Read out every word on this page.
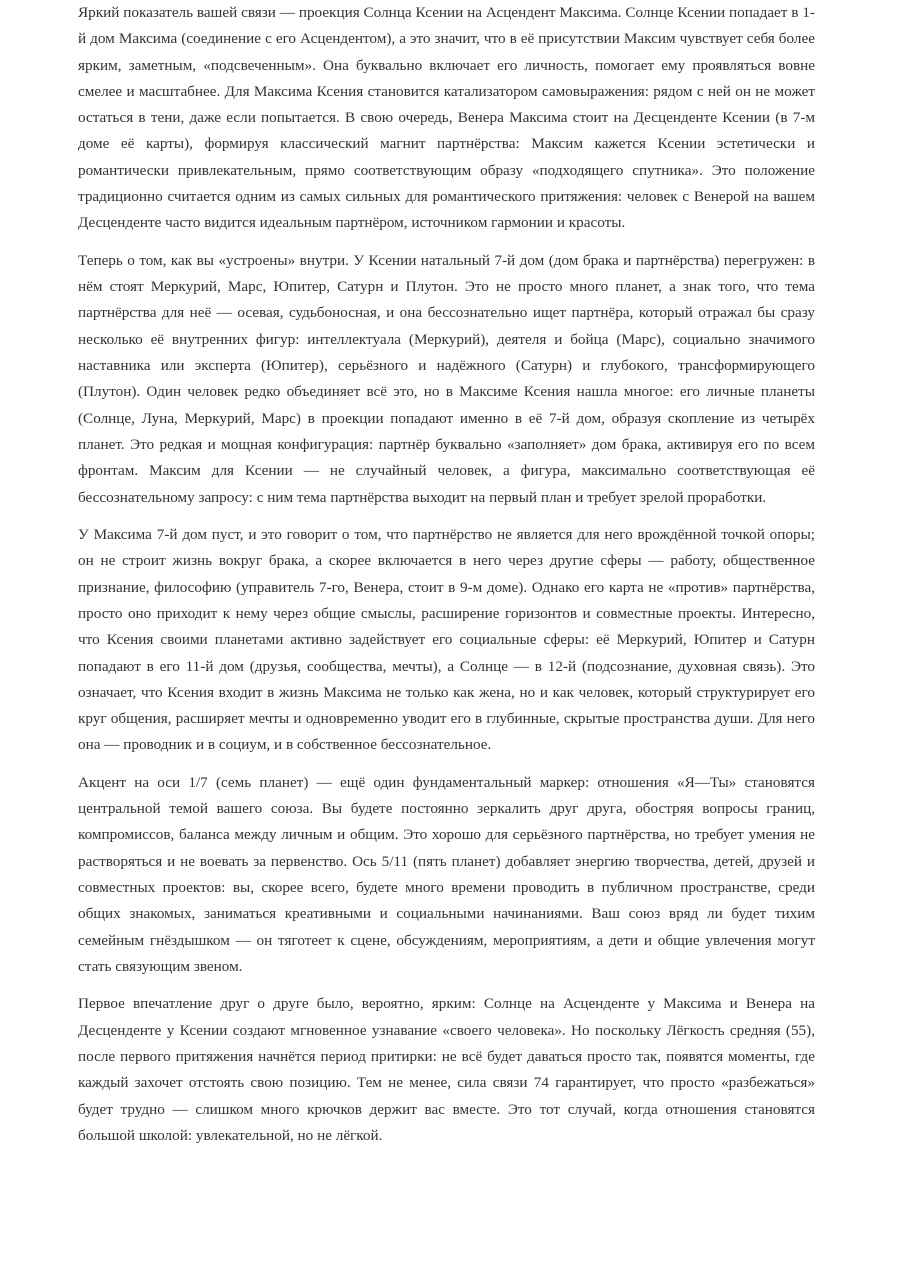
Яркий показатель вашей связи — проекция Солнца Ксении на Асцендент Максима. Солнце Ксении попадает в 1-й дом Максима (соединение с его Асцендентом), а это значит, что в её присутствии Максим чувствует себя более ярким, заметным, «подсвеченным». Она буквально включает его личность, помогает ему проявляться вовне смелее и масштабнее. Для Максима Ксения становится катализатором самовыражения: рядом с ней он не может остаться в тени, даже если попытается. В свою очередь, Венера Максима стоит на Десценденте Ксении (в 7-м доме её карты), формируя классический магнит партнёрства: Максим кажется Ксении эстетически и романтически привлекательным, прямо соответствующим образу «подходящего спутника». Это положение традиционно считается одним из самых сильных для романтического притяжения: человек с Венерой на вашем Десценденте часто видится идеальным партнёром, источником гармонии и красоты.

Теперь о том, как вы «устроены» внутри. У Ксении натальный 7-й дом (дом брака и партнёрства) перегружен: в нём стоят Меркурий, Марс, Юпитер, Сатурн и Плутон. Это не просто много планет, а знак того, что тема партнёрства для неё — осевая, судьбоносная, и она бессознательно ищет партнёра, который отражал бы сразу несколько её внутренних фигур: интеллектуала (Меркурий), деятеля и бойца (Марс), социально значимого наставника или эксперта (Юпитер), серьёзного и надёжного (Сатурн) и глубокого, трансформирующего (Плутон). Один человек редко объединяет всё это, но в Максиме Ксения нашла многое: его личные планеты (Солнце, Луна, Меркурий, Марс) в проекции попадают именно в её 7-й дом, образуя скопление из четырёх планет. Это редкая и мощная конфигурация: партнёр буквально «заполняет» дом брака, активируя его по всем фронтам. Максим для Ксении — не случайный человек, а фигура, максимально соответствующая её бессознательному запросу: с ним тема партнёрства выходит на первый план и требует зрелой проработки.

У Максима 7-й дом пуст, и это говорит о том, что партнёрство не является для него врождённой точкой опоры; он не строит жизнь вокруг брака, а скорее включается в него через другие сферы — работу, общественное признание, философию (управитель 7-го, Венера, стоит в 9-м доме). Однако его карта не «против» партнёрства, просто оно приходит к нему через общие смыслы, расширение горизонтов и совместные проекты. Интересно, что Ксения своими планетами активно задействует его социальные сферы: её Меркурий, Юпитер и Сатурн попадают в его 11-й дом (друзья, сообщества, мечты), а Солнце — в 12-й (подсознание, духовная связь). Это означает, что Ксения входит в жизнь Максима не только как жена, но и как человек, который структурирует его круг общения, расширяет мечты и одновременно уводит его в глубинные, скрытые пространства души. Для него она — проводник и в социум, и в собственное бессознательное.

Акцент на оси 1/7 (семь планет) — ещё один фундаментальный маркер: отношения «Я—Ты» становятся центральной темой вашего союза. Вы будете постоянно зеркалить друг друга, обостряя вопросы границ, компромиссов, баланса между личным и общим. Это хорошо для серьёзного партнёрства, но требует умения не растворяться и не воевать за первенство. Ось 5/11 (пять планет) добавляет энергию творчества, детей, друзей и совместных проектов: вы, скорее всего, будете много времени проводить в публичном пространстве, среди общих знакомых, заниматься креативными и социальными начинаниями. Ваш союз вряд ли будет тихим семейным гнёздышком — он тяготеет к сцене, обсуждениям, мероприятиям, а дети и общие увлечения могут стать связующим звеном.

Первое впечатление друг о друге было, вероятно, ярким: Солнце на Асценденте у Максима и Венера на Десценденте у Ксении создают мгновенное узнавание «своего человека». Но поскольку Лёгкость средняя (55), после первого притяжения начнётся период притирки: не всё будет даваться просто так, появятся моменты, где каждый захочет отстоять свою позицию. Тем не менее, сила связи 74 гарантирует, что просто «разбежаться» будет трудно — слишком много крючков держит вас вместе. Это тот случай, когда отношения становятся большой школой: увлекательной, но не лёгкой.
